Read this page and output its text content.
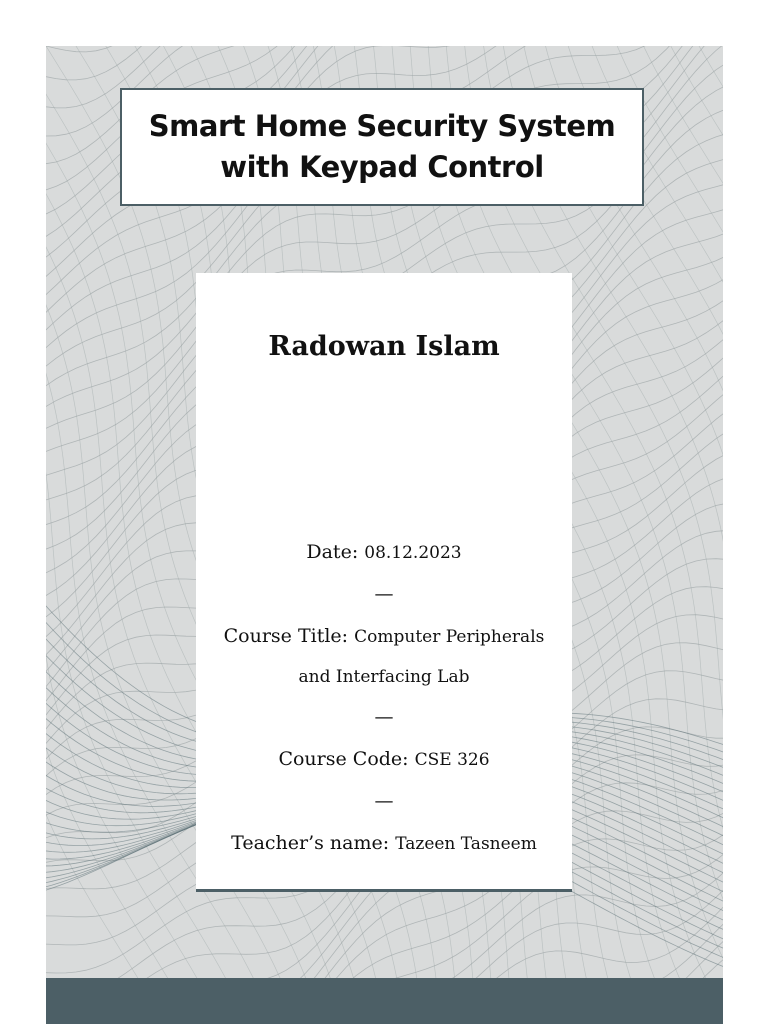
Smart Home Security System
with Keypad Control
Radowan Islam
Date: 08.12.2023
—
Course Title: Computer Peripherals
and Interfacing Lab
—
Course Code: CSE 326
—
Teacher’s name: Tazeen Tasneem
